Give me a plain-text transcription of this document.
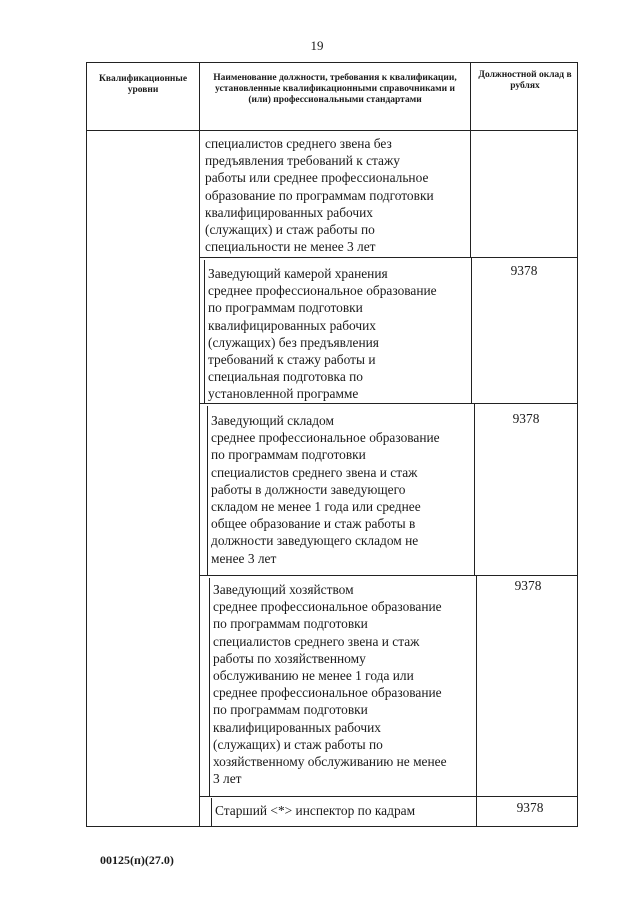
19
Квалификационные уровни
Наименование должности, требования к квалификации, установленные квалификационными справочниками и (или) профессиональными стандартами
Должностной оклад в рублях
специалистов среднего звена без
предъявления требований к стажу
работы или среднее профессиональное
образование по программам подготовки
квалифицированных рабочих
(служащих) и стаж работы по
специальности не менее 3 лет
Заведующий камерой хранения
среднее профессиональное образование
по программам подготовки
квалифицированных рабочих
(служащих) без предъявления
требований к стажу работы и
специальная подготовка по
установленной программе
9378
Заведующий складом
среднее профессиональное образование
по программам подготовки
специалистов среднего звена и стаж
работы в должности заведующего
складом не менее 1 года или среднее
общее образование и стаж работы в
должности заведующего складом не
менее 3 лет
9378
Заведующий хозяйством
среднее профессиональное образование
по программам подготовки
специалистов среднего звена и стаж
работы по хозяйственному
обслуживанию не менее 1 года или
среднее профессиональное образование
по программам подготовки
квалифицированных рабочих
(служащих) и стаж работы по
хозяйственному обслуживанию не менее
3 лет
9378
Старший <*> инспектор по кадрам	9378
00125(п)(27.0)
